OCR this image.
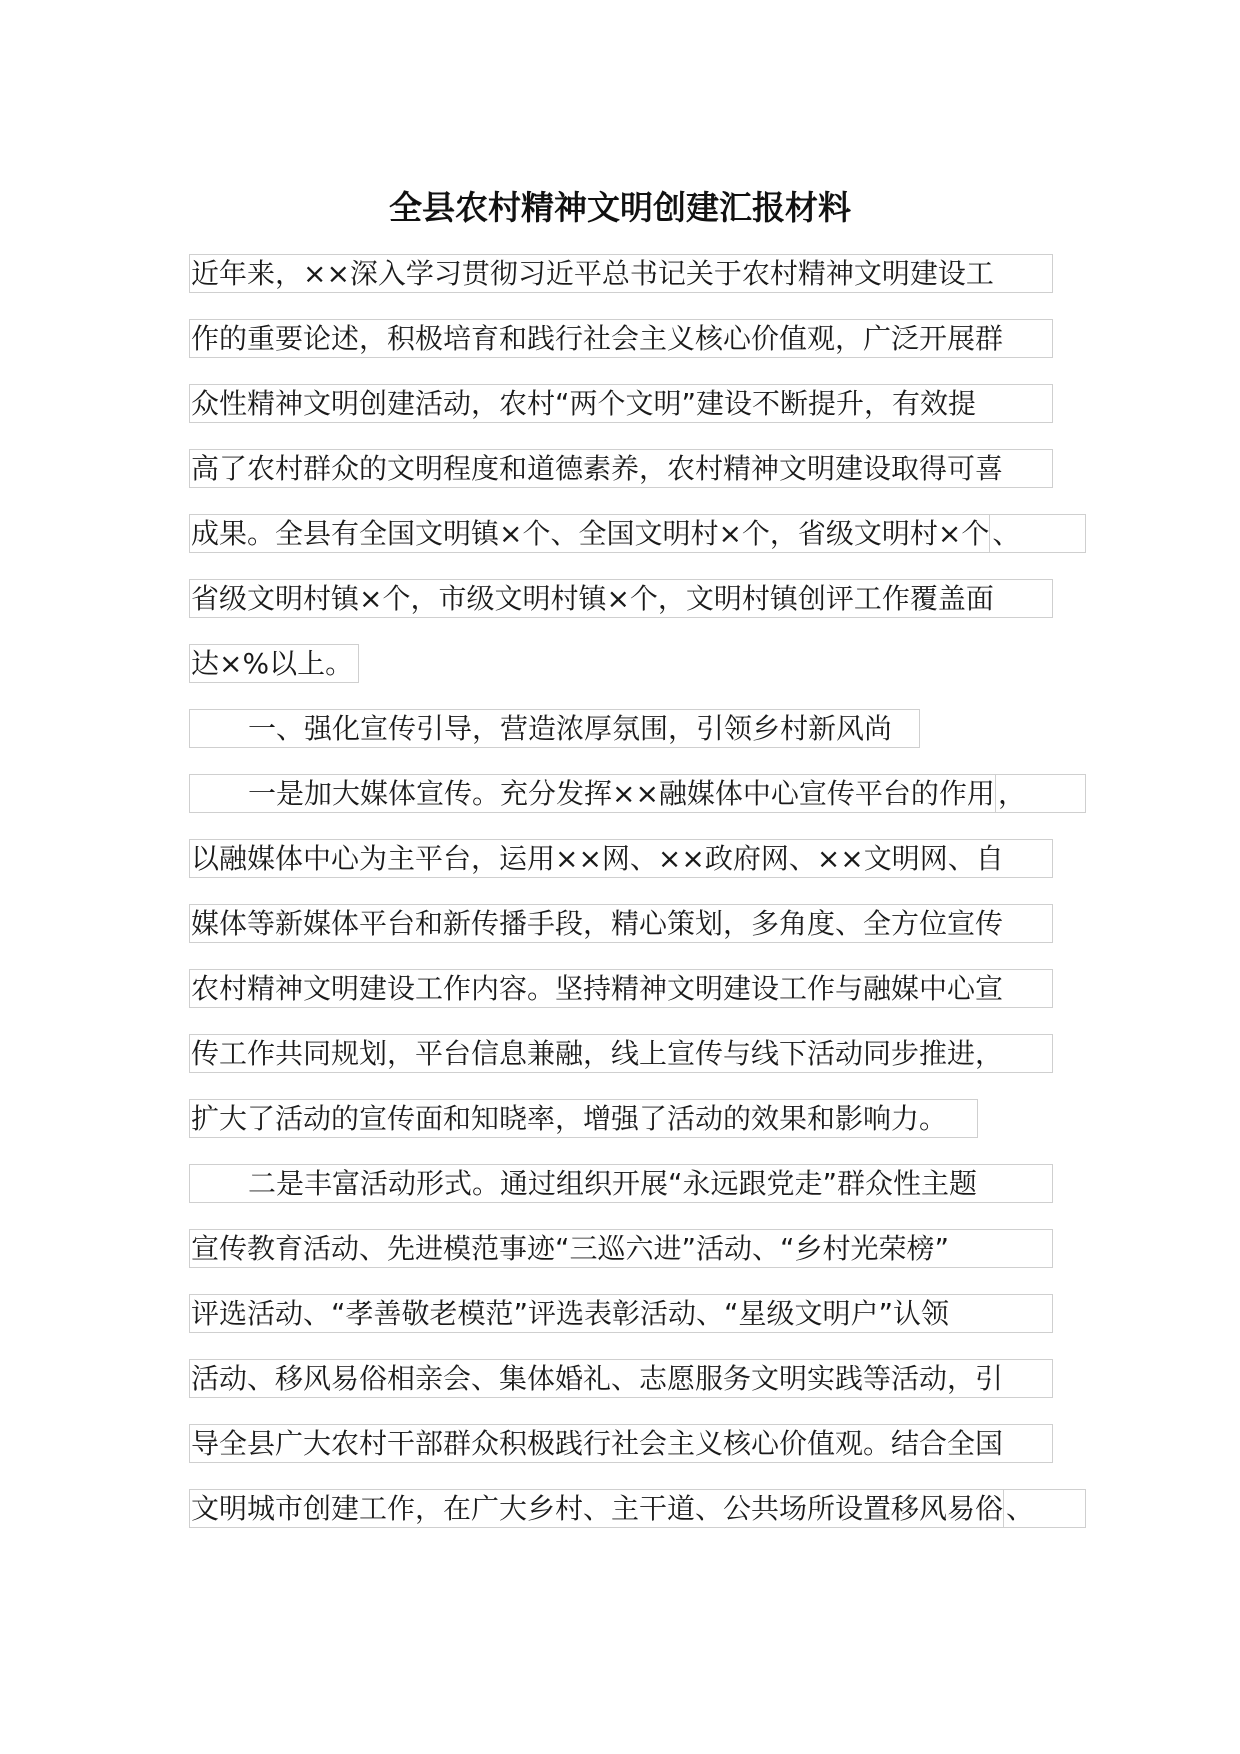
全县农村精神文明创建汇报材料
近年来，××深入学习贯彻习近平总书记关于农村精神文明建设工
作的重要论述，积极培育和践行社会主义核心价值观，广泛开展群
众性精神文明创建活动，农村“两个文明”建设不断提升，有效提
高了农村群众的文明程度和道德素养，农村精神文明建设取得可喜
成果。全县有全国文明镇×个、全国文明村×个，省级文明村×个 、
省级文明村镇×个，市级文明村镇×个，文明村镇创评工作覆盖面
达×%以上。
一、强化宣传引导，营造浓厚氛围，引领乡村新风尚
一是加大媒体宣传。充分发挥××融媒体中心宣传平台的作用 ，
以融媒体中心为主平台，运用××网、××政府网、××文明网、自
媒体等新媒体平台和新传播手段，精心策划，多角度、全方位宣传
农村精神文明建设工作内容。坚持精神文明建设工作与融媒中心宣
传工作共同规划，平台信息兼融，线上宣传与线下活动同步推进，
扩大了活动的宣传面和知晓率，增强了活动的效果和影响力。
二是丰富活动形式。通过组织开展“永远跟党走”群众性主题
宣传教育活动、先进模范事迹“三巡六进”活动、“乡村光荣榜”
评选活动、“孝善敬老模范”评选表彰活动、“星级文明户”认领
活动、移风易俗相亲会、集体婚礼、志愿服务文明实践等活动，引
导全县广大农村干部群众积极践行社会主义核心价值观。结合全国
文明城市创建工作，在广大乡村、主干道、公共场所设置移风易俗 、
